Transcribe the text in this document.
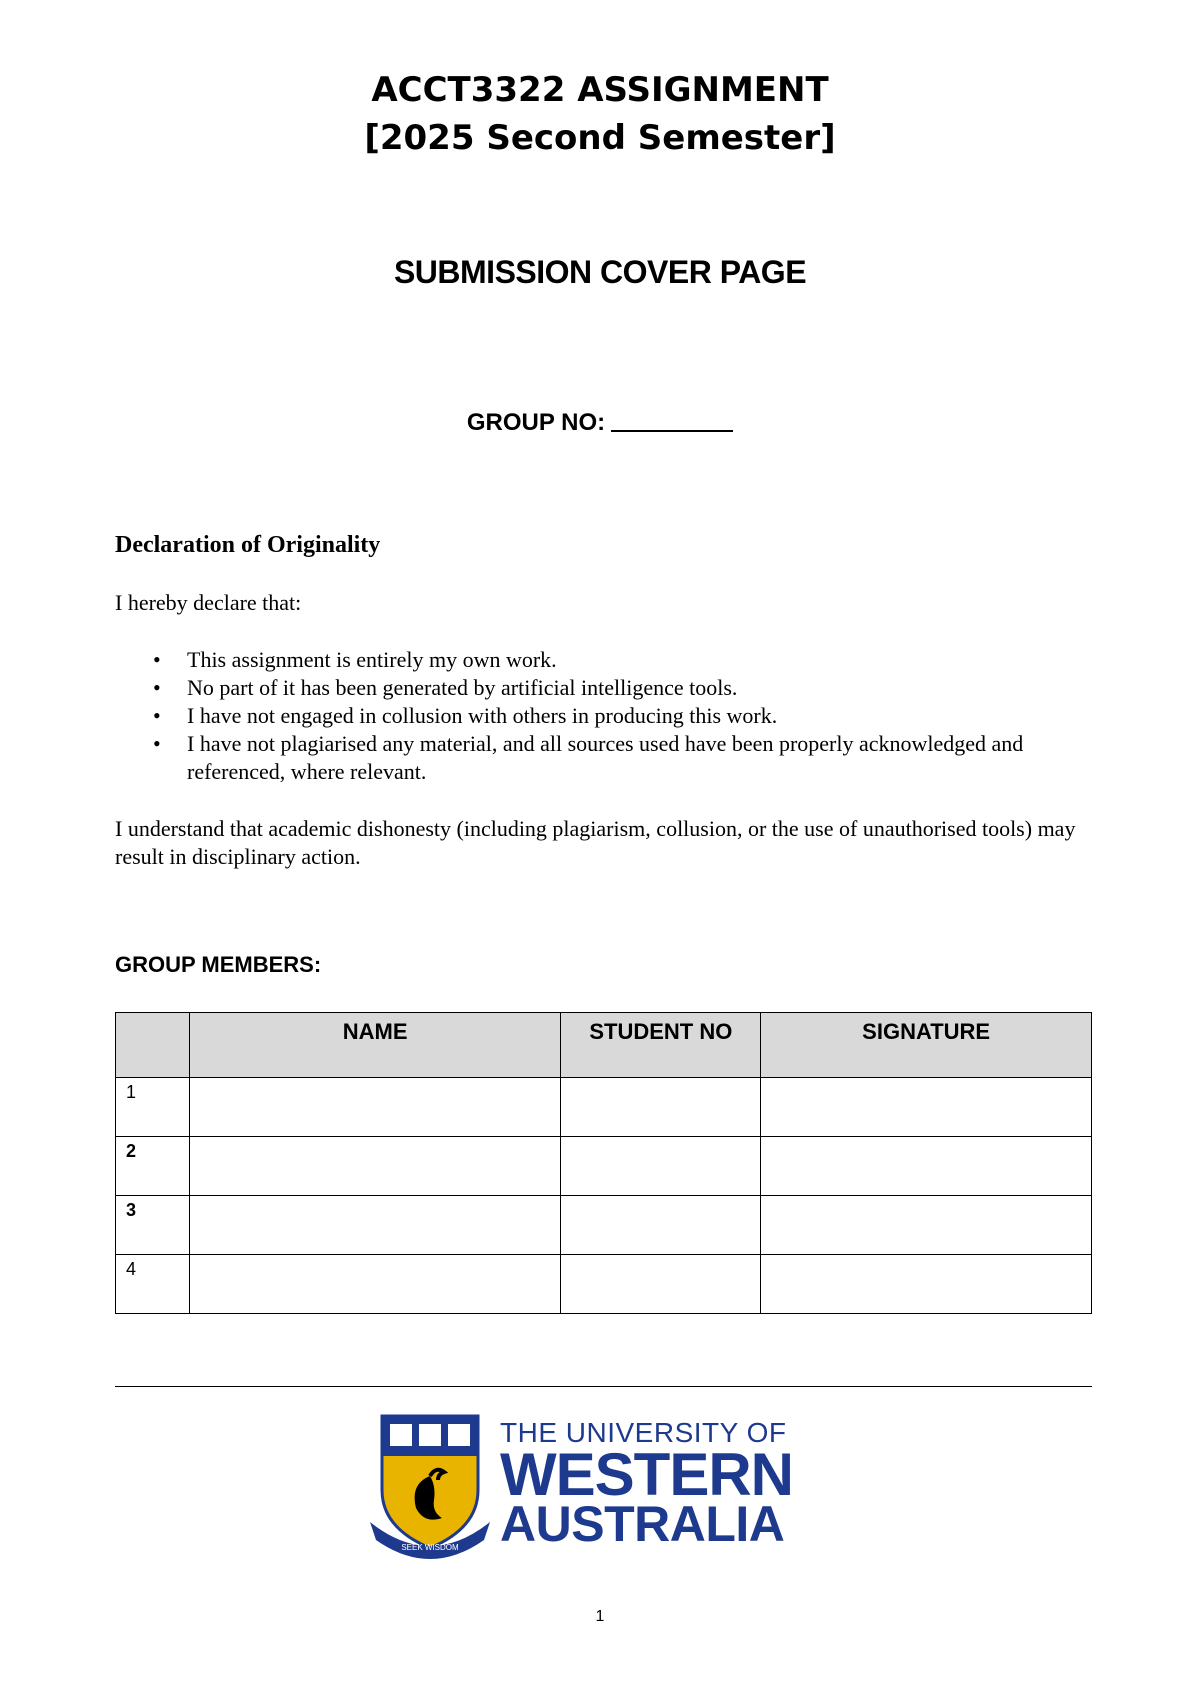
ACCT3322 ASSIGNMENT
[2025 Second Semester]
SUBMISSION COVER PAGE
GROUP NO:
Declaration of Originality
I hereby declare that:
• This assignment is entirely my own work.
• No part of it has been generated by artificial intelligence tools.
• I have not engaged in collusion with others in producing this work.
• I have not plagiarised any material, and all sources used have been properly acknowledged and referenced, where relevant.
I understand that academic dishonesty (including plagiarism, collusion, or the use of unauthorised tools) may result in disciplinary action.
GROUP MEMBERS:
	NAME	STUDENT NO	SIGNATURE
1			
2			
3			
4			
SEEK WISDOM
THE UNIVERSITY OF
WESTERN
AUSTRALIA
1
